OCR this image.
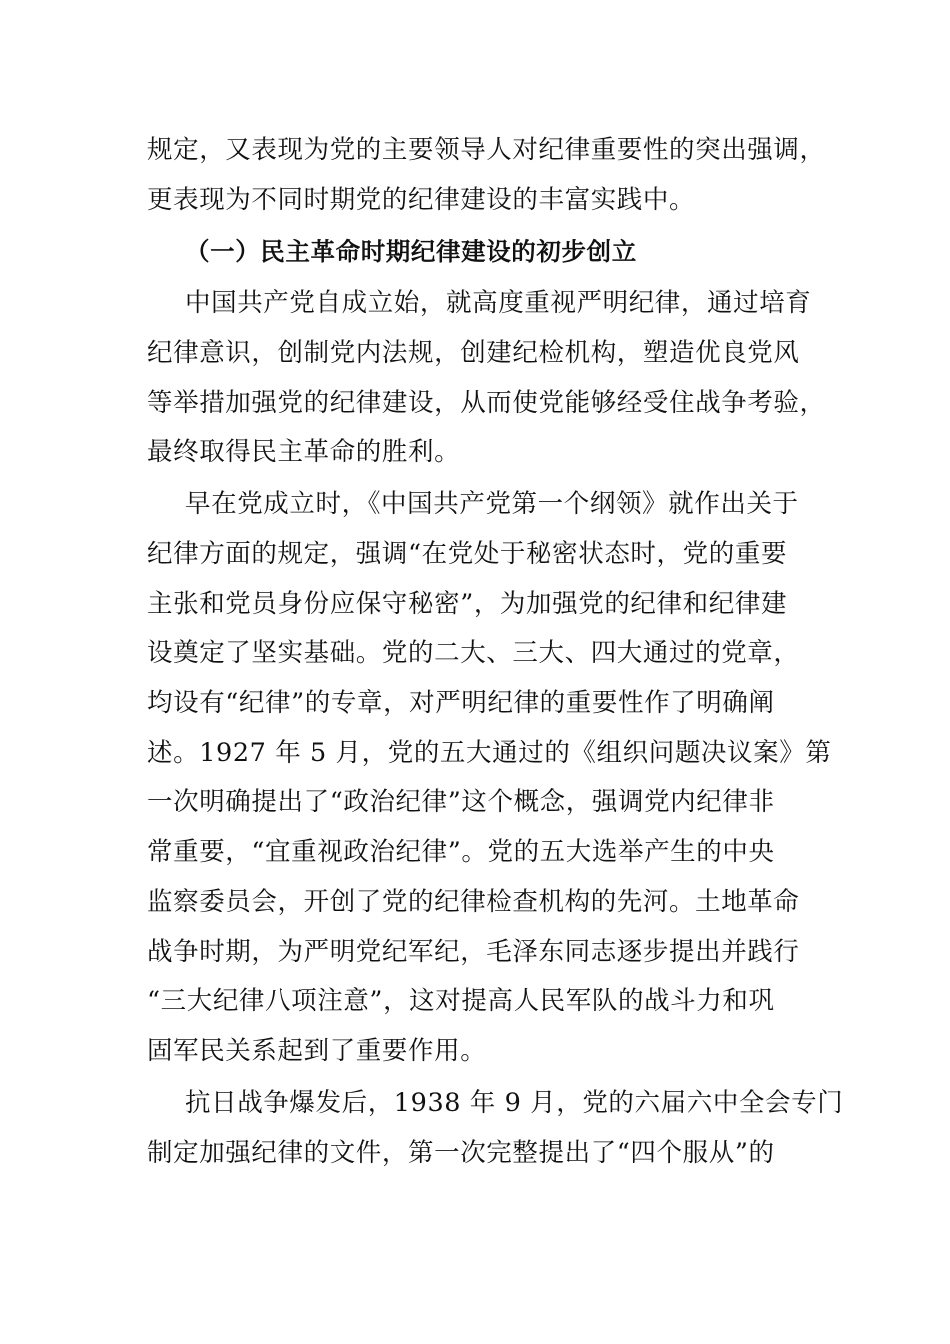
规定，又表现为党的主要领导人对纪律重要性的突出强调，
更表现为不同时期党的纪律建设的丰富实践中。
（一）民主革命时期纪律建设的初步创立
中国共产党自成立始，就高度重视严明纪律，通过培育
纪律意识，创制党内法规，创建纪检机构，塑造优良党风
等举措加强党的纪律建设，从而使党能够经受住战争考验，
最终取得民主革命的胜利。
早在党成立时，《中国共产党第一个纲领》就作出关于
纪律方面的规定，强调“在党处于秘密状态时，党的重要
主张和党员身份应保守秘密”，为加强党的纪律和纪律建
设奠定了坚实基础。党的二大、三大、四大通过的党章，
均设有“纪律”的专章，对严明纪律的重要性作了明确阐
述。1927 年 5 月，党的五大通过的《组织问题决议案》第
一次明确提出了“政治纪律”这个概念，强调党内纪律非
常重要，“宜重视政治纪律”。党的五大选举产生的中央
监察委员会，开创了党的纪律检查机构的先河。土地革命
战争时期，为严明党纪军纪，毛泽东同志逐步提出并践行
“三大纪律八项注意”，这对提高人民军队的战斗力和巩
固军民关系起到了重要作用。
抗日战争爆发后，1938 年 9 月，党的六届六中全会专门
制定加强纪律的文件，第一次完整提出了“四个服从”的
